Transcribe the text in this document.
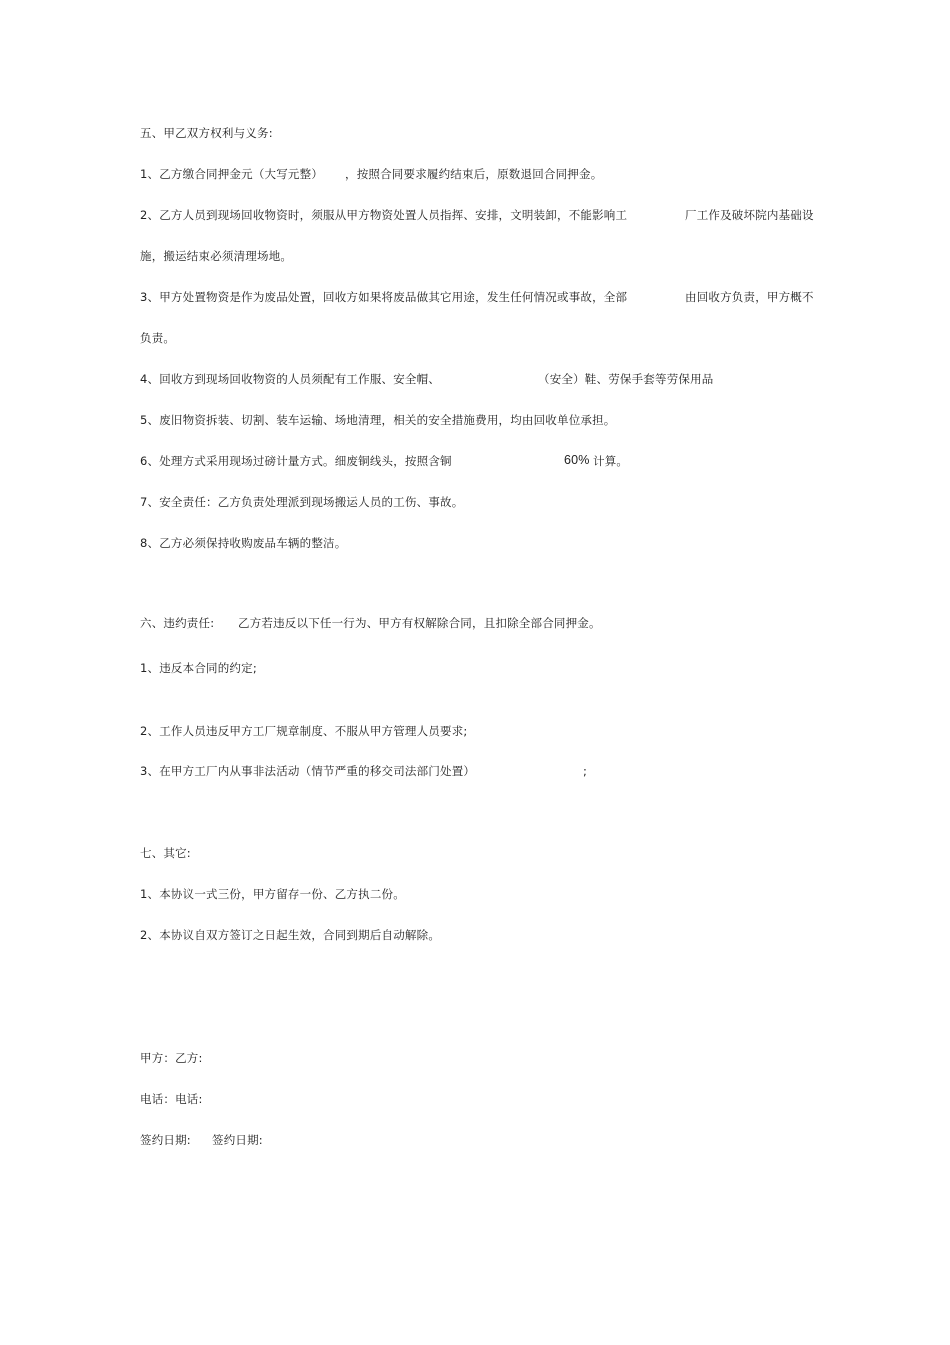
五、甲乙双方权利与义务:
1、乙方缴合同押金元（大写元整） ，按照合同要求履约结束后，原数退回合同押金。
2、乙方人员到现场回收物资时，须服从甲方物资处置人员指挥、安排，文明装卸，不能影响工	厂工作及破坏院内基础设
施，搬运结束必须清理场地。
3、甲方处置物资是作为废品处置，回收方如果将废品做其它用途，发生任何情况或事故，全部	由回收方负责，甲方概不
负责。
4、回收方到现场回收物资的人员须配有工作服、安全帽、	（安全）鞋、劳保手套等劳保用品
5、废旧物资拆装、切割、装车运输、场地清理，相关的安全措施费用，均由回收单位承担。
6、处理方式采用现场过磅计量方式。细废铜线头，按照含铜	60% 计算。
7、安全责任：乙方负责处理派到现场搬运人员的工伤、事故。
8、乙方必须保持收购废品车辆的整洁。
六、违约责任: 乙方若违反以下任一行为、甲方有权解除合同，且扣除全部合同押金。
1、违反本合同的约定;
2、工作人员违反甲方工厂规章制度、不服从甲方管理人员要求;
3、在甲方工厂内从事非法活动（情节严重的移交司法部门处置）	;
七、其它:
1、本协议一式三份，甲方留存一份、乙方执二份。
2、本协议自双方签订之日起生效，合同到期后自动解除。
甲方：乙方:
电话：电话:
签约日期: 签约日期:
